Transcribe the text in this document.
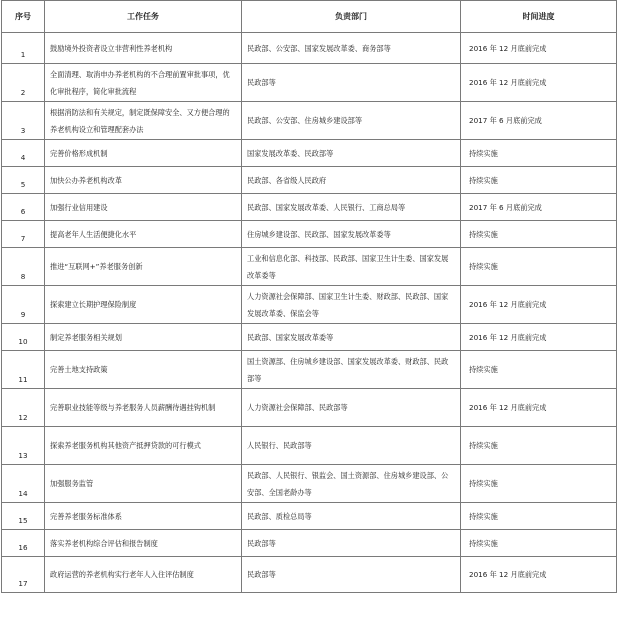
序号	工作任务	负责部门	时间进度
1	鼓励境外投资者设立非营利性养老机构	民政部、公安部、国家发展改革委、商务部等	2016 年 12 月底前完成
2	全面清理、取消申办养老机构的不合理前置审批事项，优化审批程序，简化审批流程	民政部等	2016 年 12 月底前完成
3	根据消防法和有关规定，制定既保障安全、又方便合理的养老机构设立和管理配套办法	民政部、公安部、住房城乡建设部等	2017 年 6 月底前完成
4	完善价格形成机制	国家发展改革委、民政部等	持续实施
5	加快公办养老机构改革	民政部、各省级人民政府	持续实施
6	加强行业信用建设	民政部、国家发展改革委、人民银行、工商总局等	2017 年 6 月底前完成
7	提高老年人生活便捷化水平	住房城乡建设部、民政部、国家发展改革委等	持续实施
8	推进“互联网+”养老服务创新	工业和信息化部、科技部、民政部、国家卫生计生委、国家发展改革委等	持续实施
9	探索建立长期护理保险制度	人力资源社会保障部、国家卫生计生委、财政部、民政部、国家发展改革委、保监会等	2016 年 12 月底前完成
10	制定养老服务相关规划	民政部、国家发展改革委等	2016 年 12 月底前完成
11	完善土地支持政策	国土资源部、住房城乡建设部、国家发展改革委、财政部、民政部等	持续实施
12	完善职业技能等级与养老服务人员薪酬待遇挂钩机制	人力资源社会保障部、民政部等	2016 年 12 月底前完成
13	探索养老服务机构其他资产抵押贷款的可行模式	人民银行、民政部等	持续实施
14	加强服务监管	民政部、人民银行、银监会、国土资源部、住房城乡建设部、公安部、全国老龄办等	持续实施
15	完善养老服务标准体系	民政部、质检总局等	持续实施
16	落实养老机构综合评估和报告制度	民政部等	持续实施
17	政府运营的养老机构实行老年人入住评估制度	民政部等	2016 年 12 月底前完成
